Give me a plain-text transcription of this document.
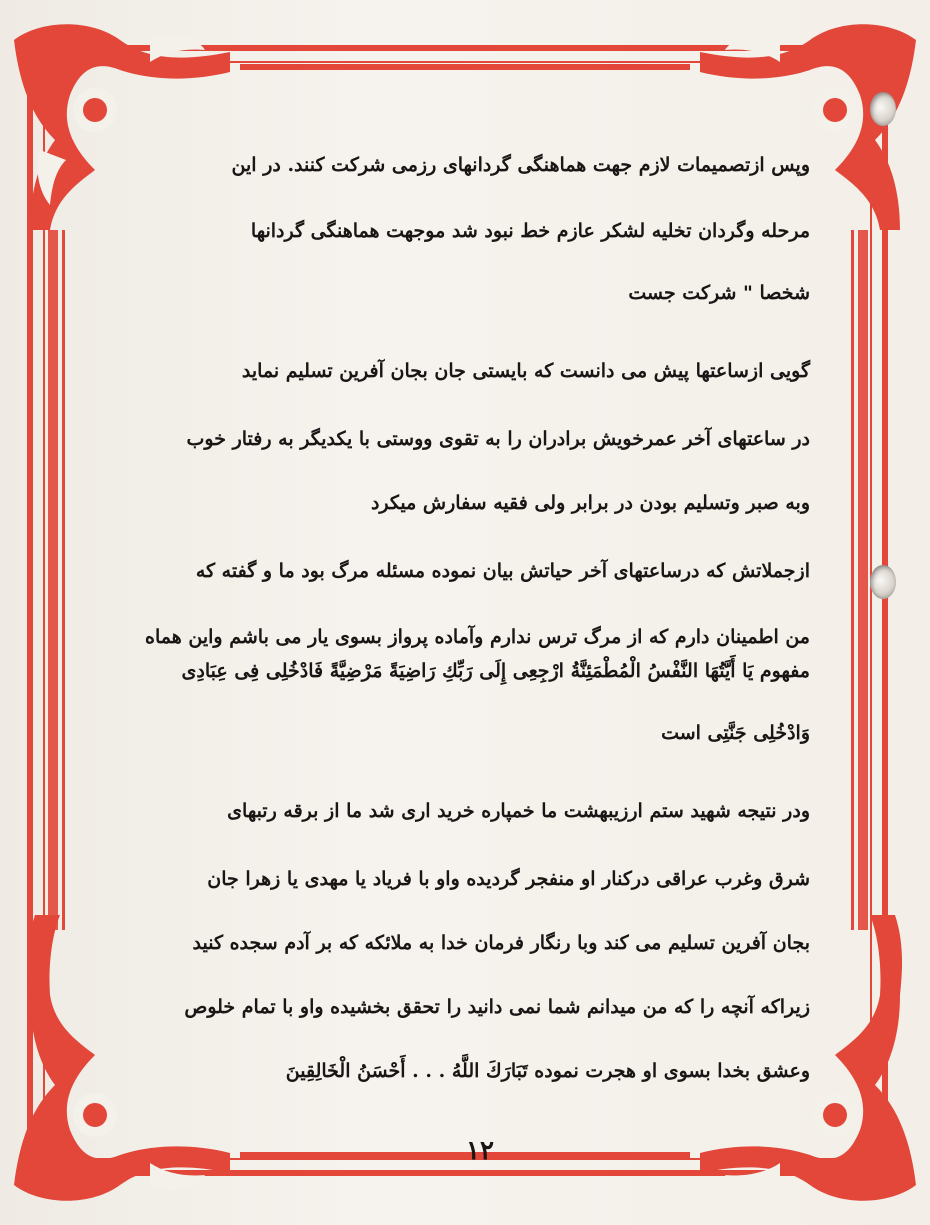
وپس ازتصمیمات لازم جهت هماهنگی گردانهای رزمی شرکت کنند. در این
مرحله وگردان تخلیه لشکر عازم خط نبود شد موجهت هماهنگی گردانها
شخصا " شرکت جست
گویی ازساعتها پیش می دانست که بایستی جان بجان آفرین تسلیم نماید
در ساعتهای آخر عمرخویش برادران را به تقوی ووستی با یکدیگر به رفتار خوب
وبه صبر وتسلیم بودن در برابر ولی فقیه سفارش میکرد
ازجملاتش که درساعتهای آخر حیاتش بیان نموده مسئله مرگ بود ما و گفته که
من اطمینان دارم که از مرگ ترس ندارم وآماده پرواز بسوی یار می باشم واین هماه
مفهوم یَا أَیَّتُهَا النَّفْسُ الْمُطْمَئِنَّةُ ارْجِعِی إِلَى رَبِّكِ رَاضِیَةً مَرْضِیَّةً فَادْخُلِی فِی عِبَادِی
وَادْخُلِی جَنَّتِی است
ودر نتیجه شهید ستم ارزیبهشت ما خمپاره خرید اری شد ما از برقه رتبهای
شرق وغرب عراقی درکنار او منفجر گردیده واو با فریاد یا مهدی یا زهرا جان
بجان آفرین تسلیم می کند وبا رنگار فرمان خدا به ملائکه که بر آدم سجده کنید
زیراکه آنچه را که من میدانم شما نمی دانید را تحقق بخشیده واو با تمام خلوص
وعشق بخدا بسوی او هجرت نموده تَبَارَكَ اللَّهُ . . . أَحْسَنُ الْخَالِقِینَ
۱۲
